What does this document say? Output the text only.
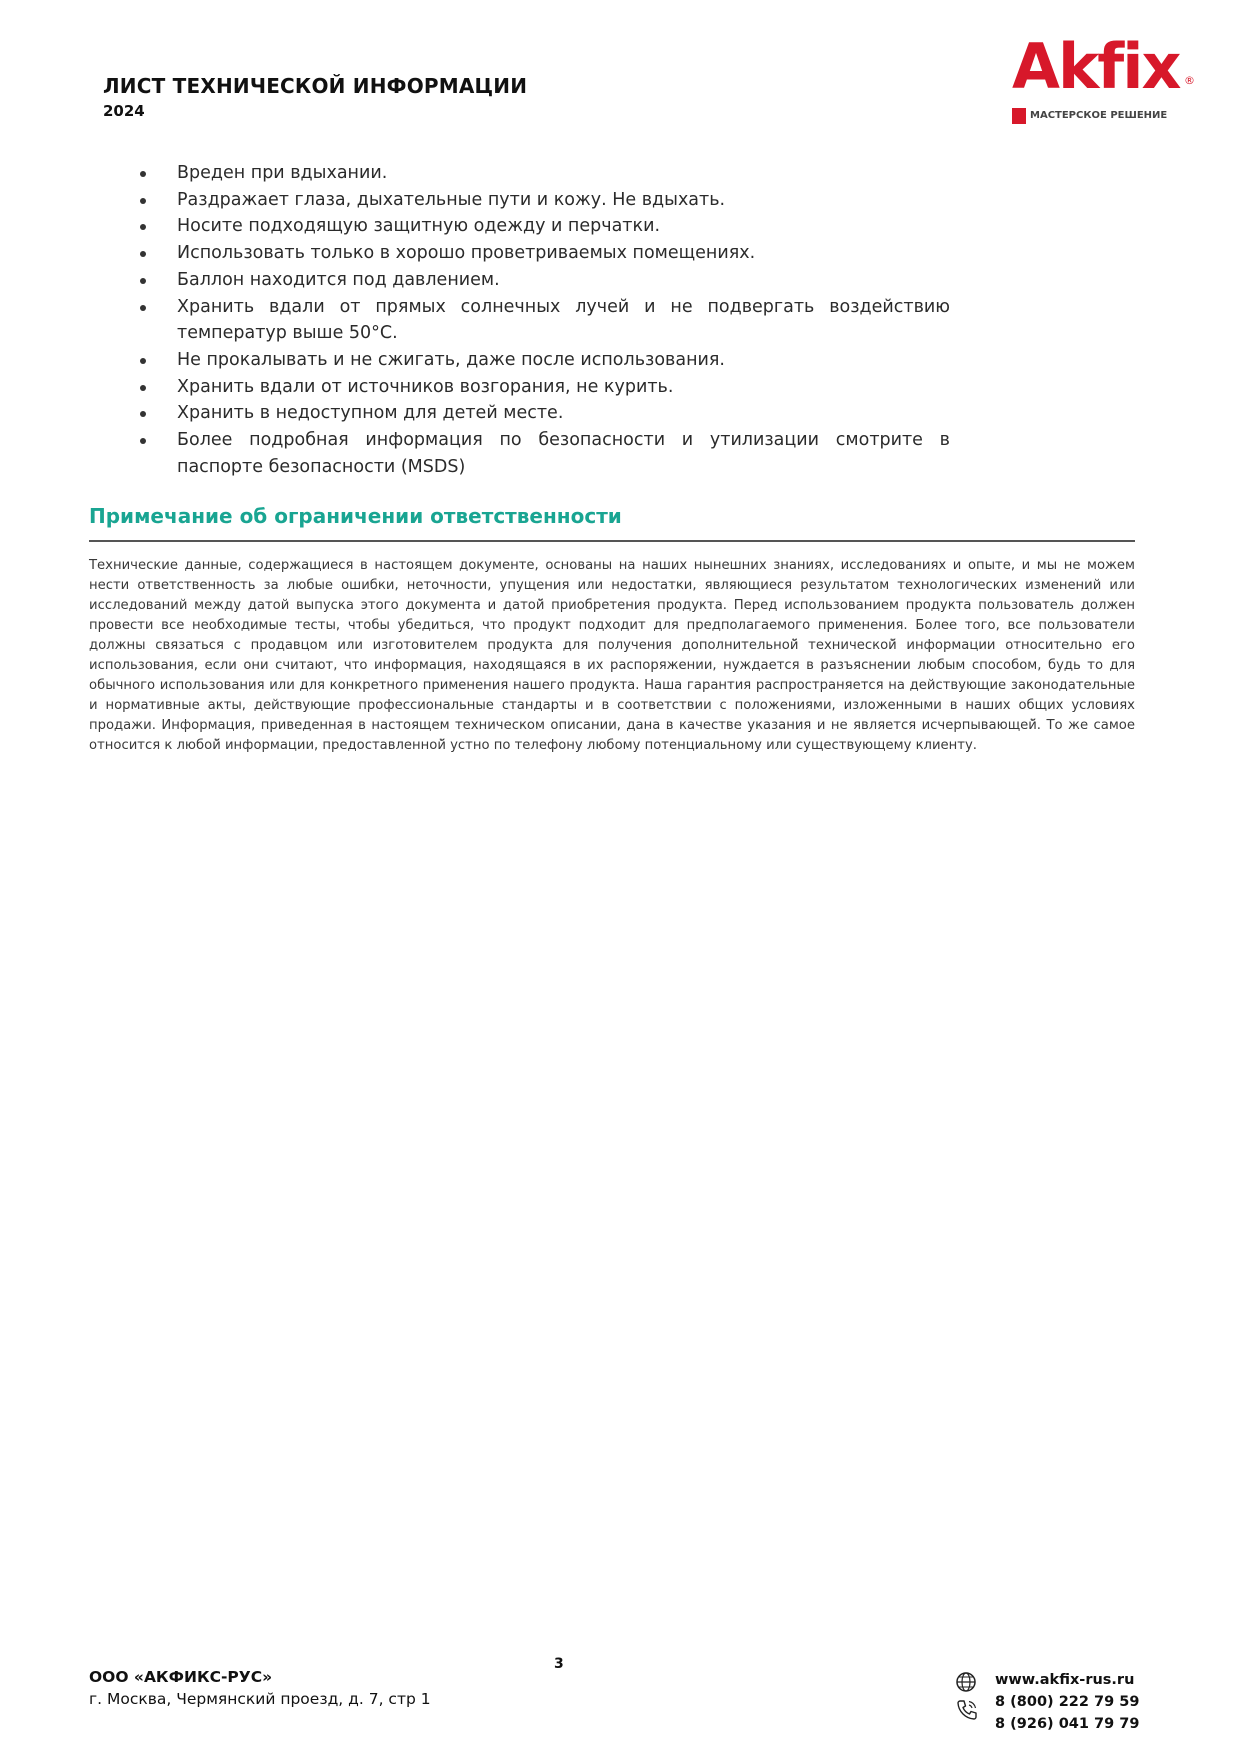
ЛИСТ ТЕХНИЧЕСКОЙ ИНФОРМАЦИИ
2024
Akfix ®
МАСТЕРСКОЕ РЕШЕНИЕ
Вреден при вдыхании.
Раздражает глаза, дыхательные пути и кожу. Не вдыхать.
Носите подходящую защитную одежду и перчатки.
Использовать только в хорошо проветриваемых помещениях.
Баллон находится под давлением.
Хранить вдали от прямых солнечных лучей и не подвергать воздействию температур выше 50°C.
Не прокалывать и не сжигать, даже после использования.
Хранить вдали от источников возгорания, не курить.
Хранить в недоступном для детей месте.
Более подробная информация по безопасности и утилизации смотрите в паспорте безопасности (MSDS)
Примечание об ограничении ответственности

Технические данные, содержащиеся в настоящем документе, основаны на наших нынешних знаниях, исследованиях и опыте, и мы не можем нести ответственность за любые ошибки, неточности, упущения или недостатки, являющиеся результатом технологических изменений или исследований между датой выпуска этого документа и датой̆ приобретения продукта. Перед использованием продукта пользователь должен провести все необходимые тесты, чтобы убедиться, что продукт подходит для предполагаемого применения. Более того, все пользователи должны связаться с продавцом или изготовителем продукта для получения дополнительной̆ технической̆ информации относительно его использования, если они считают, что информация, находящаяся в их распоряжении, нуждается в разъяснении любым способом, будь то для обычного использования или для конкретного применения нашего продукта. Наша гарантия распространяется на действующие законодательные и нормативные акты, действующие профессиональные стандарты и в соответствии с положениями, изложенными в наших общих условиях продажи. Информация, приведенная в настоящем техническом описании, дана в качестве указания и не является исчерпывающей̆. То же самое относится к любой̆ информации, предоставленной̆ устно по телефону любому потенциальному или существующему клиенту.

3
ООО «АКФИКС-РУС»
г. Москва, Чермянский проезд, д. 7, стр 1
www.akfix-rus.ru
8 (800) 222 79 59
8 (926) 041 79 79
